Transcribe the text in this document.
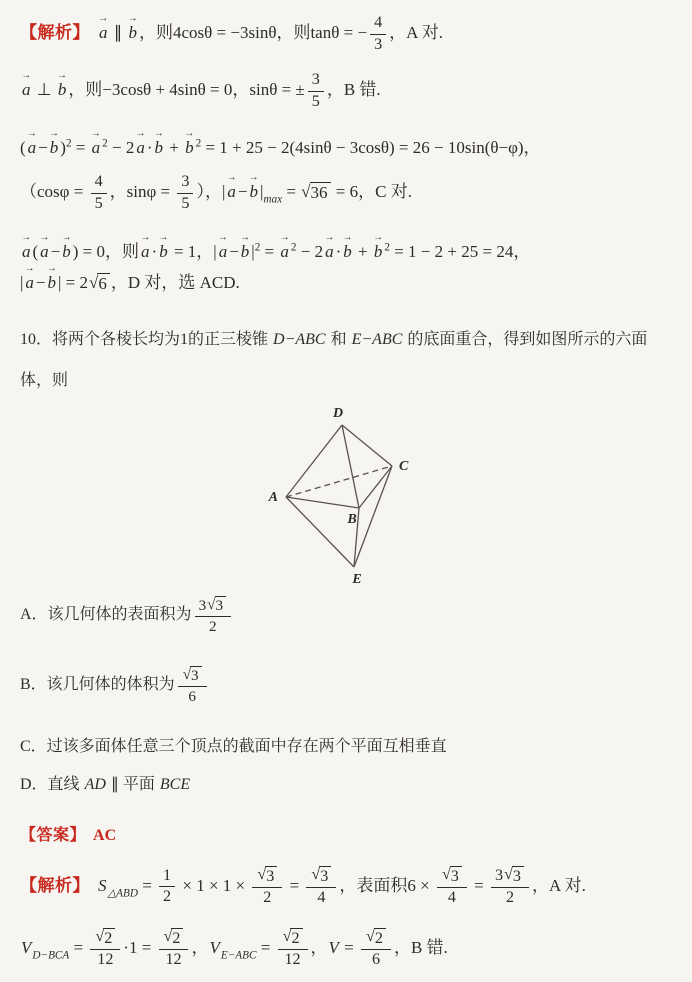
【解析】
→
a ∥
→
b ，则4cosθ = −3sinθ，则tanθ = − $\frac{4}{3}$ ，A 对.
→
a ⊥
→
b ，则−3cosθ + 4sinθ = 0，sinθ = ± $\frac{3}{5}$ ，B 错.
(
→
a −
→
b )$^2$ =
→
a $^2$ − 2
→
a ·
→
b +
→
b $^2$ = 1 + 25 − 2(4sinθ − 3cosθ) = 26 − 10sin(θ−φ)，
（$\cos\varphi = \frac{4}{5}$ ，$\sin\varphi = \frac{3}{5}$ ），|
→
a −
→
b $|_{max}$ = √ 36 = 6，C 对.
→
a (
→
a −
→
b ) = 0，则
→
a ·
→
b = 1，|
→
a −
→
b $|^2$ =
→
a $^2$ − 2
→
a ·
→
b +
→
b $^2$ = 1 − 2 + 25 = 24，
|
→
a −
→
b | = 2 √ 6 ，D 对，选 ACD.
10．将两个各棱长均为1的正三棱锥 D−ABC 和 E−ABC 的底面重合，得到如图所示的六面
体，则
D
C
A
B
E
A．该几何体的表面积为 $\frac{3 √ 3}{2}$
B．该几何体的体积为 $\frac{√ 3}{6}$
C．过该多面体任意三个顶点的截面中存在两个平面互相垂直
D．直线 AD ∥ 平面 BCE
【答案】 AC
【解析】 $S_{\triangle ABD} = \frac{1}{2} \times 1 \times 1 \times \frac{√ 3}{2} = \frac{√ 3}{4}$ ，表面积$6 \times \frac{√ 3}{4} = \frac{3 √ 3}{2}$ ，A 对.
$V_{D-BCA} = \frac{√ 2}{12} \cdot 1 = \frac{√ 2}{12}$ ，$V_{E-ABC} = \frac{√ 2}{12}$ ，$V = \frac{√ 2}{6}$ ，B 错.
